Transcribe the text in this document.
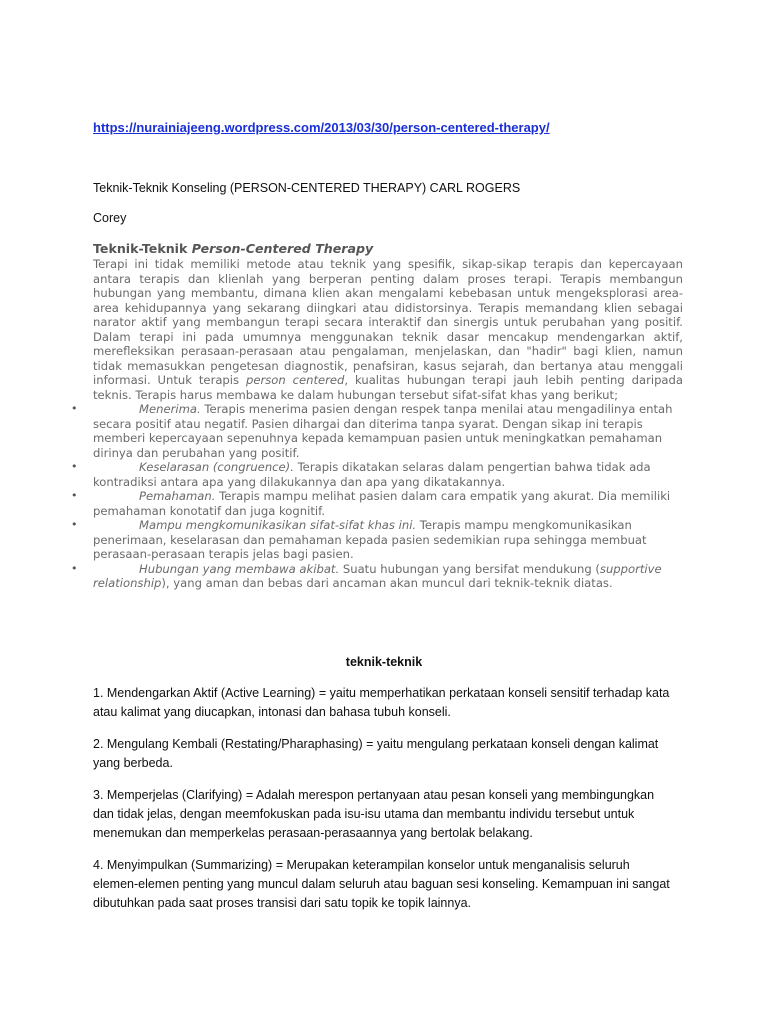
https://nurainiajeeng.wordpress.com/2013/03/30/person-centered-therapy/
Teknik-Teknik Konseling (PERSON-CENTERED THERAPY) CARL ROGERS
Corey
Teknik-Teknik Person-Centered Therapy

Terapi ini tidak memiliki metode atau teknik yang spesifik, sikap-sikap terapis dan kepercayaan antara terapis dan klienlah yang berperan penting dalam proses terapi. Terapis membangun hubungan yang membantu, dimana klien akan mengalami kebebasan untuk mengeksplorasi area-area kehidupannya yang sekarang diingkari atau didistorsinya. Terapis memandang klien sebagai narator aktif yang membangun terapi secara interaktif dan sinergis untuk perubahan yang positif. Dalam terapi ini pada umumnya menggunakan teknik dasar mencakup mendengarkan aktif, merefleksikan perasaan-perasaan atau pengalaman, menjelaskan, dan "hadir" bagi klien, namun tidak memasukkan pengetesan diagnostik, penafsiran, kasus sejarah, dan bertanya atau menggali informasi. Untuk terapis person centered, kualitas hubungan terapi jauh lebih penting daripada teknis. Terapis harus membawa ke dalam hubungan tersebut sifat-sifat khas yang berikut;

•	Menerima. Terapis menerima pasien dengan respek tanpa menilai atau mengadilinya entah secara positif atau negatif. Pasien dihargai dan diterima tanpa syarat. Dengan sikap ini terapis memberi kepercayaan sepenuhnya kepada kemampuan pasien untuk meningkatkan pemahaman dirinya dan perubahan yang positif.
•	Keselarasan (congruence). Terapis dikatakan selaras dalam pengertian bahwa tidak ada kontradiksi antara apa yang dilakukannya dan apa yang dikatakannya.
•	Pemahaman. Terapis mampu melihat pasien dalam cara empatik yang akurat. Dia memiliki pemahaman konotatif dan juga kognitif.
•	Mampu mengkomunikasikan sifat-sifat khas ini. Terapis mampu mengkomunikasikan penerimaan, keselarasan dan pemahaman kepada pasien sedemikian rupa sehingga membuat perasaan-perasaan terapis jelas bagi pasien.
•	Hubungan yang membawa akibat. Suatu hubungan yang bersifat mendukung (supportive relationship), yang aman dan bebas dari ancaman akan muncul dari teknik-teknik diatas.
teknik-teknik

1. Mendengarkan Aktif (Active Learning) = yaitu memperhatikan perkataan konseli sensitif terhadap kata atau kalimat yang diucapkan, intonasi dan bahasa tubuh konseli.

2. Mengulang Kembali (Restating/Pharaphasing) = yaitu mengulang perkataan konseli dengan kalimat yang berbeda.

3. Memperjelas (Clarifying) = Adalah merespon pertanyaan atau pesan konseli yang membingungkan dan tidak jelas, dengan meemfokuskan pada isu-isu utama dan membantu individu tersebut untuk menemukan dan memperkelas perasaan-perasaannya yang bertolak belakang.

4. Menyimpulkan (Summarizing) = Merupakan keterampilan konselor untuk menganalisis seluruh elemen-elemen penting yang muncul dalam seluruh atau baguan sesi konseling. Kemampuan ini sangat dibutuhkan pada saat proses transisi dari satu topik ke topik lainnya.
